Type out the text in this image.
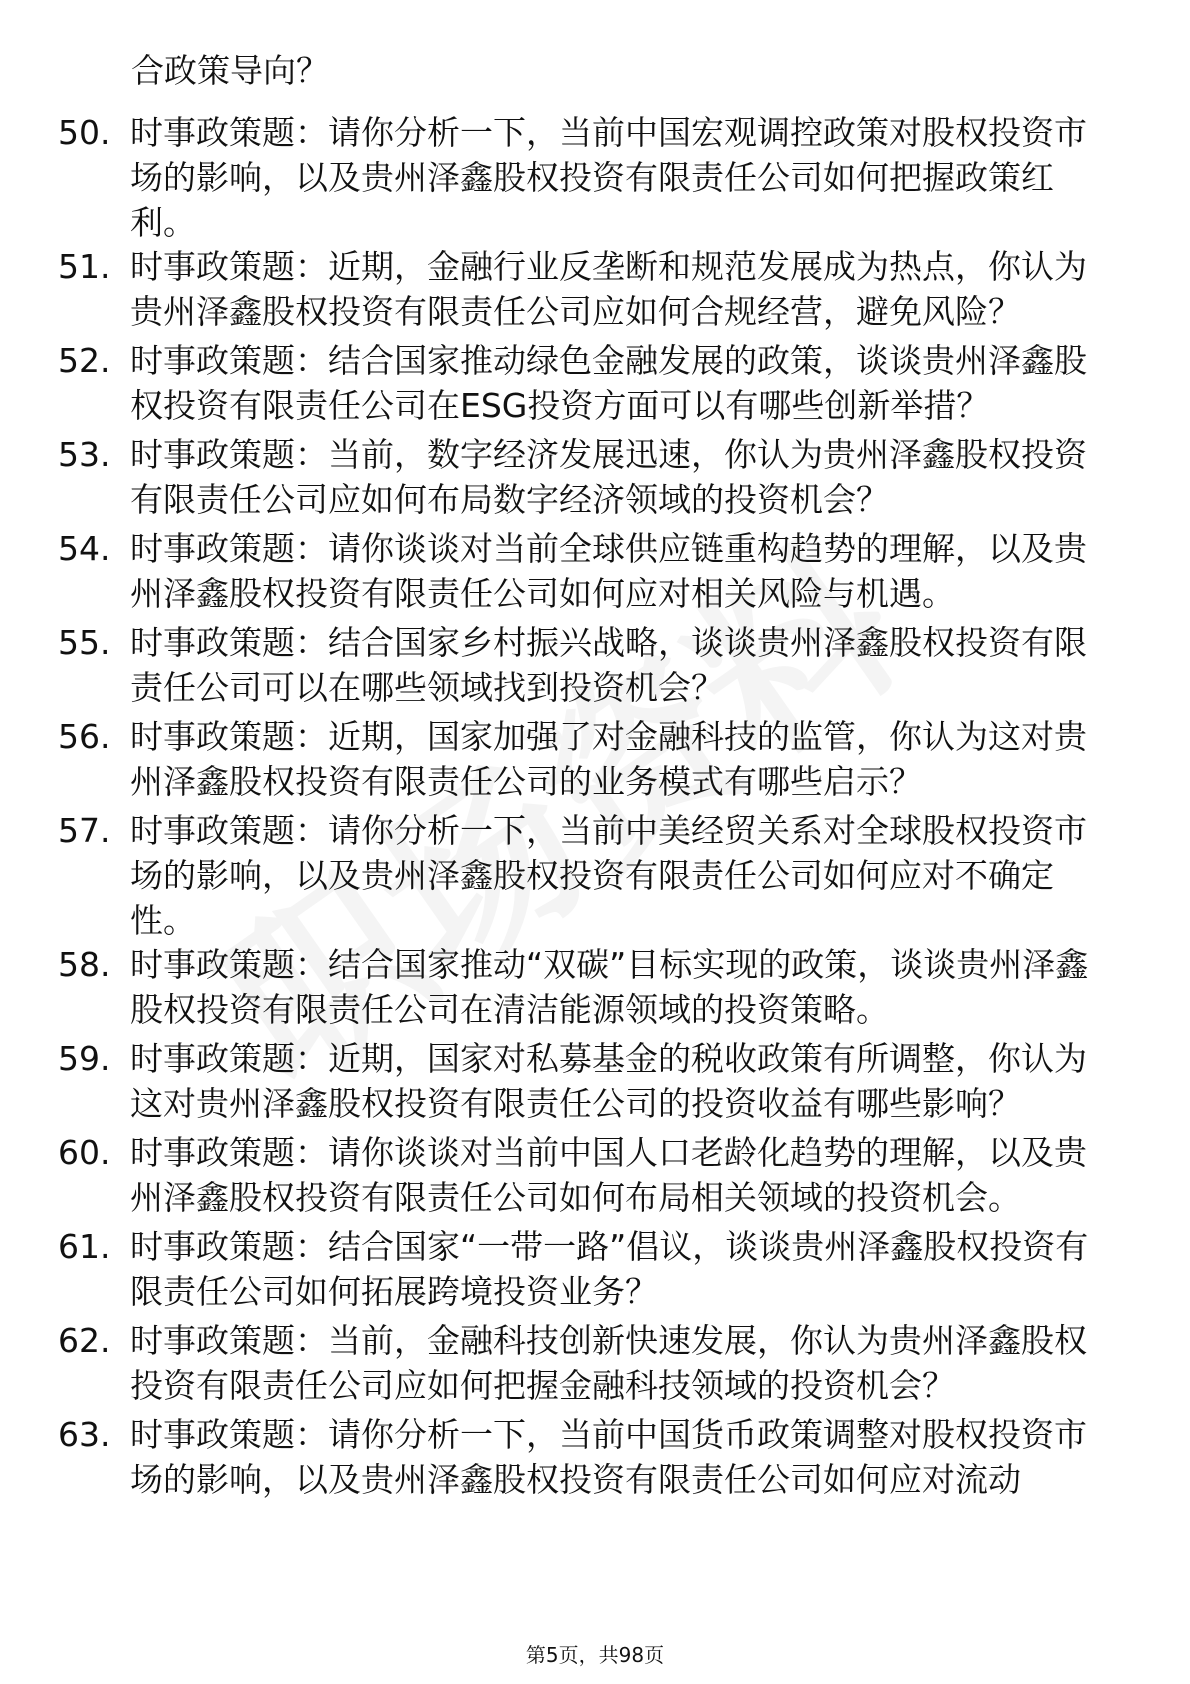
合政策导向？

50. 时事政策题：请你分析一下，当前中国宏观调控政策对股权投资市场的影响，以及贵州泽鑫股权投资有限责任公司如何把握政策红利。
51. 时事政策题：近期，金融行业反垄断和规范发展成为热点，你认为贵州泽鑫股权投资有限责任公司应如何合规经营，避免风险？
52. 时事政策题：结合国家推动绿色金融发展的政策，谈谈贵州泽鑫股权投资有限责任公司在ESG投资方面可以有哪些创新举措？
53. 时事政策题：当前，数字经济发展迅速，你认为贵州泽鑫股权投资有限责任公司应如何布局数字经济领域的投资机会？
54. 时事政策题：请你谈谈对当前全球供应链重构趋势的理解，以及贵州泽鑫股权投资有限责任公司如何应对相关风险与机遇。
55. 时事政策题：结合国家乡村振兴战略，谈谈贵州泽鑫股权投资有限责任公司可以在哪些领域找到投资机会？
56. 时事政策题：近期，国家加强了对金融科技的监管，你认为这对贵州泽鑫股权投资有限责任公司的业务模式有哪些启示？
57. 时事政策题：请你分析一下，当前中美经贸关系对全球股权投资市场的影响，以及贵州泽鑫股权投资有限责任公司如何应对不确定性。
58. 时事政策题：结合国家推动“双碳”目标实现的政策，谈谈贵州泽鑫股权投资有限责任公司在清洁能源领域的投资策略。
59. 时事政策题：近期，国家对私募基金的税收政策有所调整，你认为这对贵州泽鑫股权投资有限责任公司的投资收益有哪些影响？
60. 时事政策题：请你谈谈对当前中国人口老龄化趋势的理解，以及贵州泽鑫股权投资有限责任公司如何布局相关领域的投资机会。
61. 时事政策题：结合国家“一带一路”倡议，谈谈贵州泽鑫股权投资有限责任公司如何拓展跨境投资业务？
62. 时事政策题：当前，金融科技创新快速发展，你认为贵州泽鑫股权投资有限责任公司应如何把握金融科技领域的投资机会？
63. 时事政策题：请你分析一下，当前中国货币政策调整对股权投资市场的影响，以及贵州泽鑫股权投资有限责任公司如何应对流动
第5页，共98页
